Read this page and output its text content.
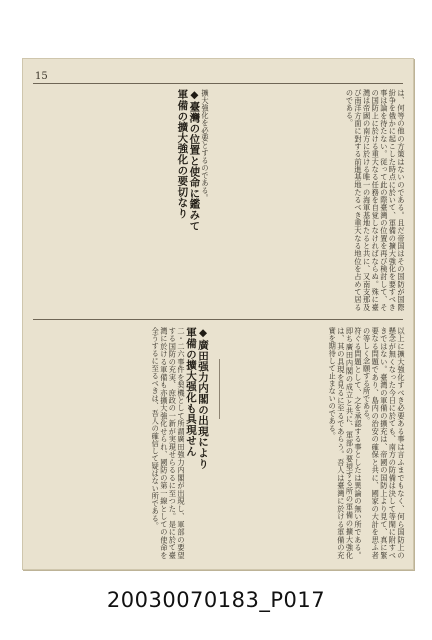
15

は、何等の他の方策はないのである。且だ帝国はその国防が国際紛争を俄かに起こした時点に於いて、軍備の擴大強化を要すべき事は論を待たない。従って此の際臺灣の位置を再び検討して、その国防上に於ける重大なる任務を自覚しなければならぬ。殊に臺灣は帝國の南方に於ける唯一の海軍基地たると共に、又南支那及び南洋方面に對する前進基地たるべき重大なる地位を占めて居るのである。

擴大強化を必要とするのである。

◆臺灣の位置と使命に鑑みて

軍備の擴大強化の要切なり

以上に擴大強化すべき必要ある事は言ふまでもなく、何ら国防上の懸念が無くなった今日に於ても、南方の防備は決して等閑に附すべきではない。臺灣の軍備の擴充は、帝國の国防上より見て、真に緊要なる問題であり、島内の治安の確保と共に、國家の大計を思ふ者の等しく念願する所である。

符ぐる問題として、之を承認する事としたは異論の無い所である。即ち廣田内閣の成立と共に、軍部の要望する所の軍備の擴大強化は、其の具現を見るに至るであらう。吾人は臺灣に於ける軍備の充實を期待して止まないのである。

◆廣田强力内閣の出現により

軍備の擴大强化も具現せん

二・二六事件を契機として所謂廣田強力内閣が出現し、軍部の要望する国防の充実、庶政の一新が実現せらるるに至つた。是に於て臺灣に於ける軍備も亦擴大強化せられ、國防の第一線としての使命を全うするに至るべきは、吾人の確信して疑はない所である。

20030070183_P017
